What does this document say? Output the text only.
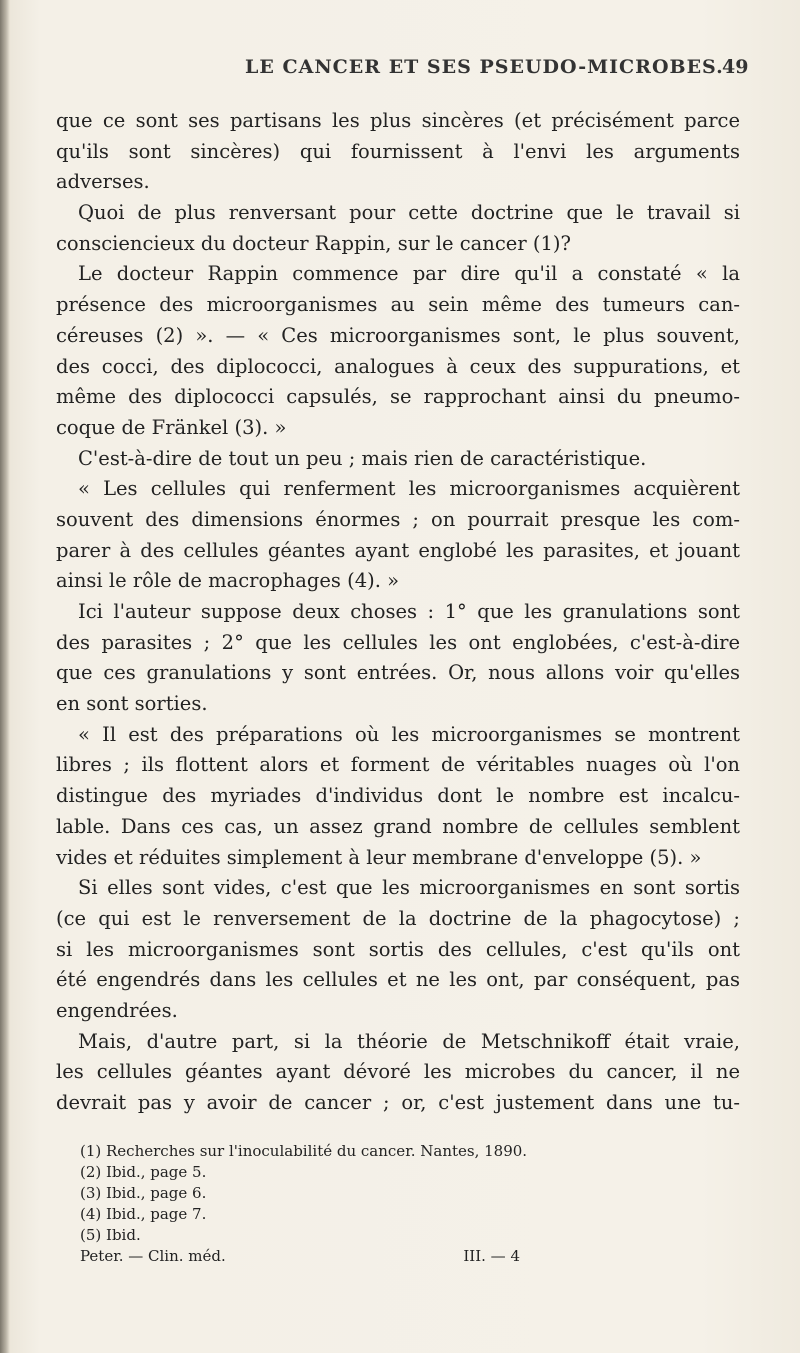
LE CANCER ET SES PSEUDO-MICROBES.
49
que ce sont ses partisans les plus sincères (et précisément parce
qu'ils sont sincères) qui fournissent à l'envi les arguments
adverses.
Quoi de plus renversant pour cette doctrine que le travail si
consciencieux du docteur Rappin, sur le cancer (1)?
Le docteur Rappin commence par dire qu'il a constaté « la
présence des microorganismes au sein même des tumeurs can-
céreuses (2) ». — « Ces microorganismes sont, le plus souvent,
des cocci, des diplococci, analogues à ceux des suppurations, et
même des diplococci capsulés, se rapprochant ainsi du pneumo-
coque de Fränkel (3). »
C'est-à-dire de tout un peu ; mais rien de caractéristique.
« Les cellules qui renferment les microorganismes acquièrent
souvent des dimensions énormes ; on pourrait presque les com-
parer à des cellules géantes ayant englobé les parasites, et jouant
ainsi le rôle de macrophages (4). »
Ici l'auteur suppose deux choses : 1° que les granulations sont
des parasites ; 2° que les cellules les ont englobées, c'est-à-dire
que ces granulations y sont entrées. Or, nous allons voir qu'elles
en sont sorties.
« Il est des préparations où les microorganismes se montrent
libres ; ils flottent alors et forment de véritables nuages où l'on
distingue des myriades d'individus dont le nombre est incalcu-
lable. Dans ces cas, un assez grand nombre de cellules semblent
vides et réduites simplement à leur membrane d'enveloppe (5). »
Si elles sont vides, c'est que les microorganismes en sont sortis
(ce qui est le renversement de la doctrine de la phagocytose) ;
si les microorganismes sont sortis des cellules, c'est qu'ils ont
été engendrés dans les cellules et ne les ont, par conséquent, pas
engendrées.
Mais, d'autre part, si la théorie de Metschnikoff était vraie,
les cellules géantes ayant dévoré les microbes du cancer, il ne
devrait pas y avoir de cancer ; or, c'est justement dans une tu-
(1) Recherches sur l'inoculabilité du cancer. Nantes, 1890.
(2) Ibid., page 5.
(3) Ibid., page 6.
(4) Ibid., page 7.
(5) Ibid.
Peter. — Clin. méd.	III. — 4
